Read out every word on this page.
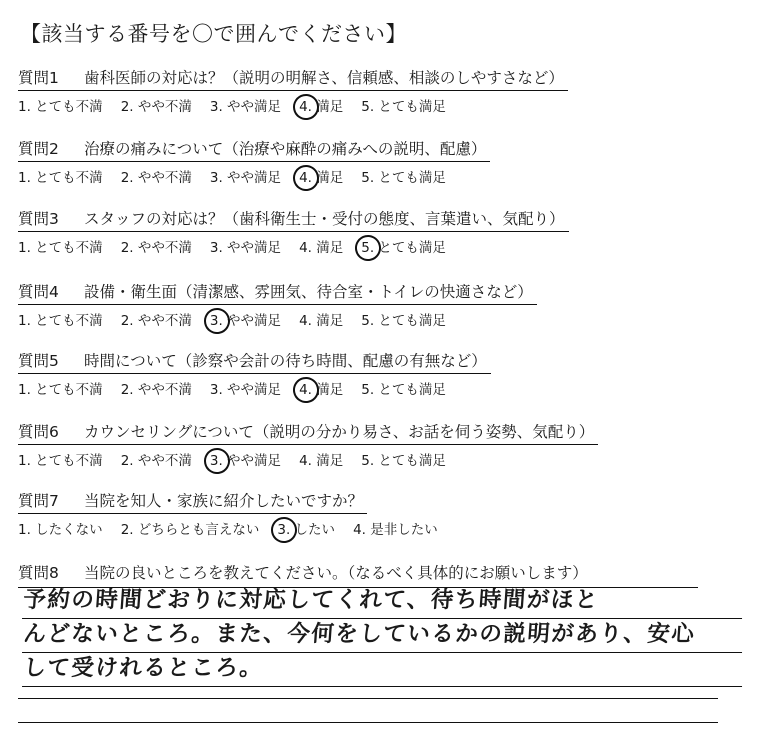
【該当する番号を〇で囲んでください】
質問1 歯科医師の対応は？（説明の明解さ、信頼感、相談のしやすさなど）
1. とても不満 2. やや不満 3. やや満足 4. 満足 5. とても満足
質問2 治療の痛みについて（治療や麻酔の痛みへの説明、配慮）
1. とても不満 2. やや不満 3. やや満足 4. 満足 5. とても満足
質問3 スタッフの対応は？（歯科衛生士・受付の態度、言葉遣い、気配り）
1. とても不満 2. やや不満 3. やや満足 4. 満足 5. とても満足
質問4 設備・衛生面（清潔感、雰囲気、待合室・トイレの快適さなど）
1. とても不満 2. やや不満 3. やや満足 4. 満足 5. とても満足
質問5 時間について（診察や会計の待ち時間、配慮の有無など）
1. とても不満 2. やや不満 3. やや満足 4. 満足 5. とても満足
質問6 カウンセリングについて（説明の分かり易さ、お話を伺う姿勢、気配り）
1. とても不満 2. やや不満 3. やや満足 4. 満足 5. とても満足
質問7 当院を知人・家族に紹介したいですか？
1. したくない 2. どちらとも言えない 3. したい 4. 是非したい
質問8 当院の良いところを教えてください。（なるべく具体的にお願いします）
予約の時間どおりに対応してくれて、待ち時間がほと
んどないところ。また、今何をしているかの説明があり、安心
して受けれるところ。
